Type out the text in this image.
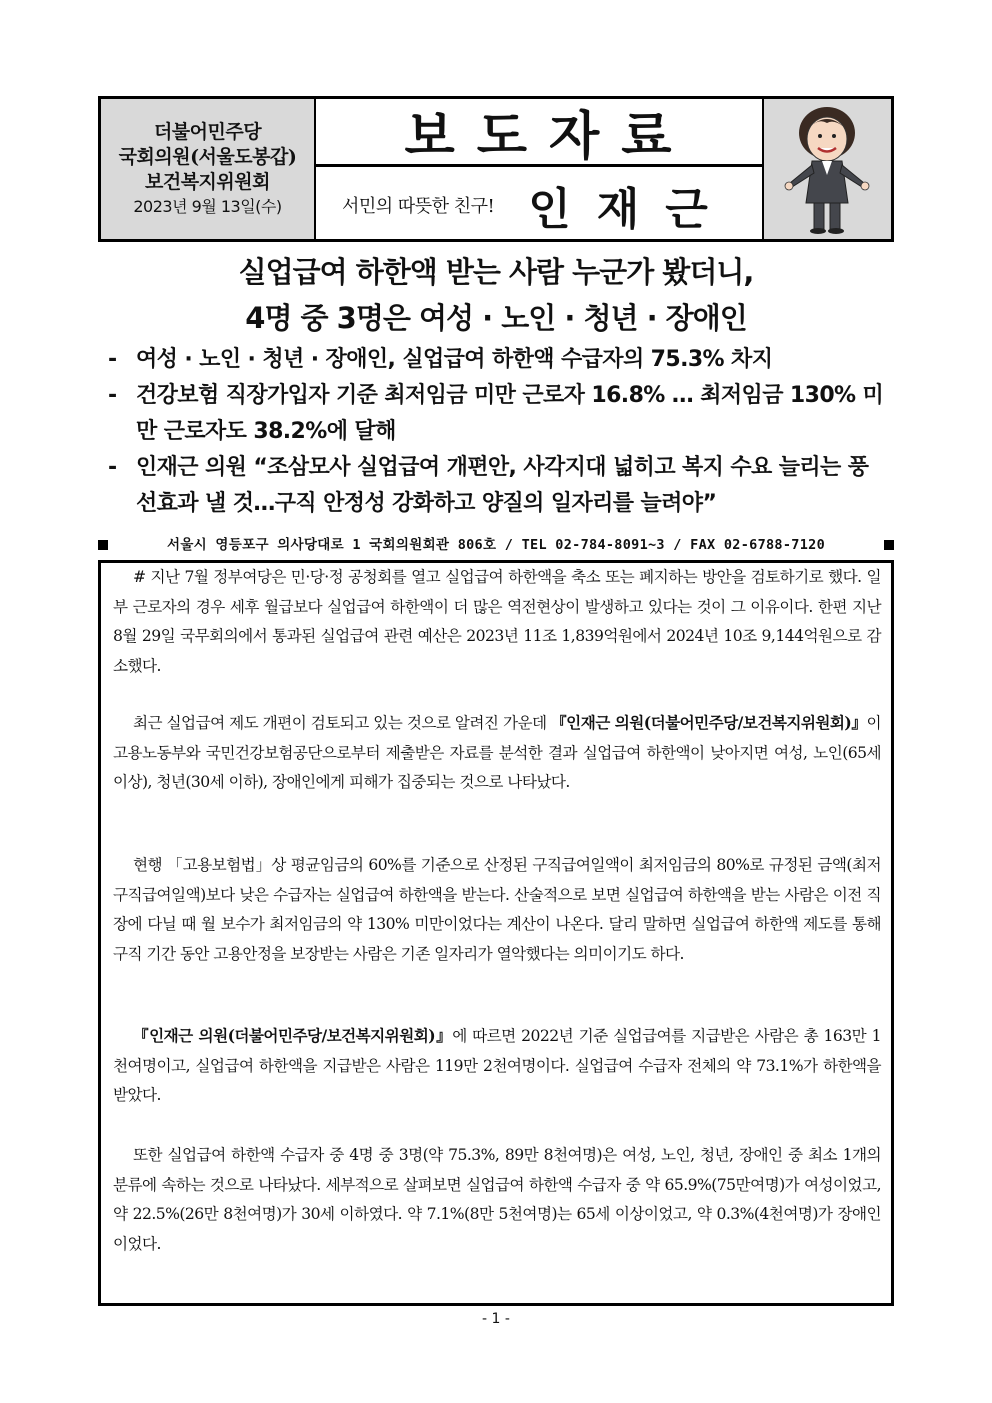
더불어민주당
국회의원(서울도봉갑)
보건복지위원회
2023년 9월 13일(수)
보도자료
서민의 따뜻한 친구! 인재근
실업급여 하한액 받는 사람 누군가 봤더니,
4명 중 3명은 여성 · 노인 · 청년 · 장애인
- 여성 · 노인 · 청년 · 장애인, 실업급여 하한액 수급자의 75.3% 차지
- 건강보험 직장가입자 기준 최저임금 미만 근로자 16.8% … 최저임금 130% 미만 근로자도 38.2%에 달해
- 인재근 의원 “조삼모사 실업급여 개편안, 사각지대 넓히고 복지 수요 늘리는 풍선효과 낼 것…구직 안정성 강화하고 양질의 일자리를 늘려야”
서울시 영등포구 의사당대로 1 국회의원회관 806호 / TEL 02-784-8091~3 / FAX 02-6788-7120
# 지난 7월 정부여당은 민·당·정 공청회를 열고 실업급여 하한액을 축소 또는 폐지하는 방안을 검토하기로 했다. 일부 근로자의 경우 세후 월급보다 실업급여 하한액이 더 많은 역전현상이 발생하고 있다는 것이 그 이유이다. 한편 지난 8월 29일 국무회의에서 통과된 실업급여 관련 예산은 2023년 11조 1,839억원에서 2024년 10조 9,144억원으로 감소했다.
최근 실업급여 제도 개편이 검토되고 있는 것으로 알려진 가운데 『인재근 의원(더불어민주당/보건복지위원회)』이 고용노동부와 국민건강보험공단으로부터 제출받은 자료를 분석한 결과 실업급여 하한액이 낮아지면 여성, 노인(65세 이상), 청년(30세 이하), 장애인에게 피해가 집중되는 것으로 나타났다.
현행 「고용보험법」상 평균임금의 60%를 기준으로 산정된 구직급여일액이 최저임금의 80%로 규정된 금액(최저구직급여일액)보다 낮은 수급자는 실업급여 하한액을 받는다. 산술적으로 보면 실업급여 하한액을 받는 사람은 이전 직장에 다닐 때 월 보수가 최저임금의 약 130% 미만이었다는 계산이 나온다. 달리 말하면 실업급여 하한액 제도를 통해 구직 기간 동안 고용안정을 보장받는 사람은 기존 일자리가 열악했다는 의미이기도 하다.
『인재근 의원(더불어민주당/보건복지위원회)』에 따르면 2022년 기준 실업급여를 지급받은 사람은 총 163만 1천여명이고, 실업급여 하한액을 지급받은 사람은 119만 2천여명이다. 실업급여 수급자 전체의 약 73.1%가 하한액을 받았다.
또한 실업급여 하한액 수급자 중 4명 중 3명(약 75.3%, 89만 8천여명)은 여성, 노인, 청년, 장애인 중 최소 1개의 분류에 속하는 것으로 나타났다. 세부적으로 살펴보면 실업급여 하한액 수급자 중 약 65.9%(75만여명)가 여성이었고, 약 22.5%(26만 8천여명)가 30세 이하였다. 약 7.1%(8만 5천여명)는 65세 이상이었고, 약 0.3%(4천여명)가 장애인이었다.
- 1 -
